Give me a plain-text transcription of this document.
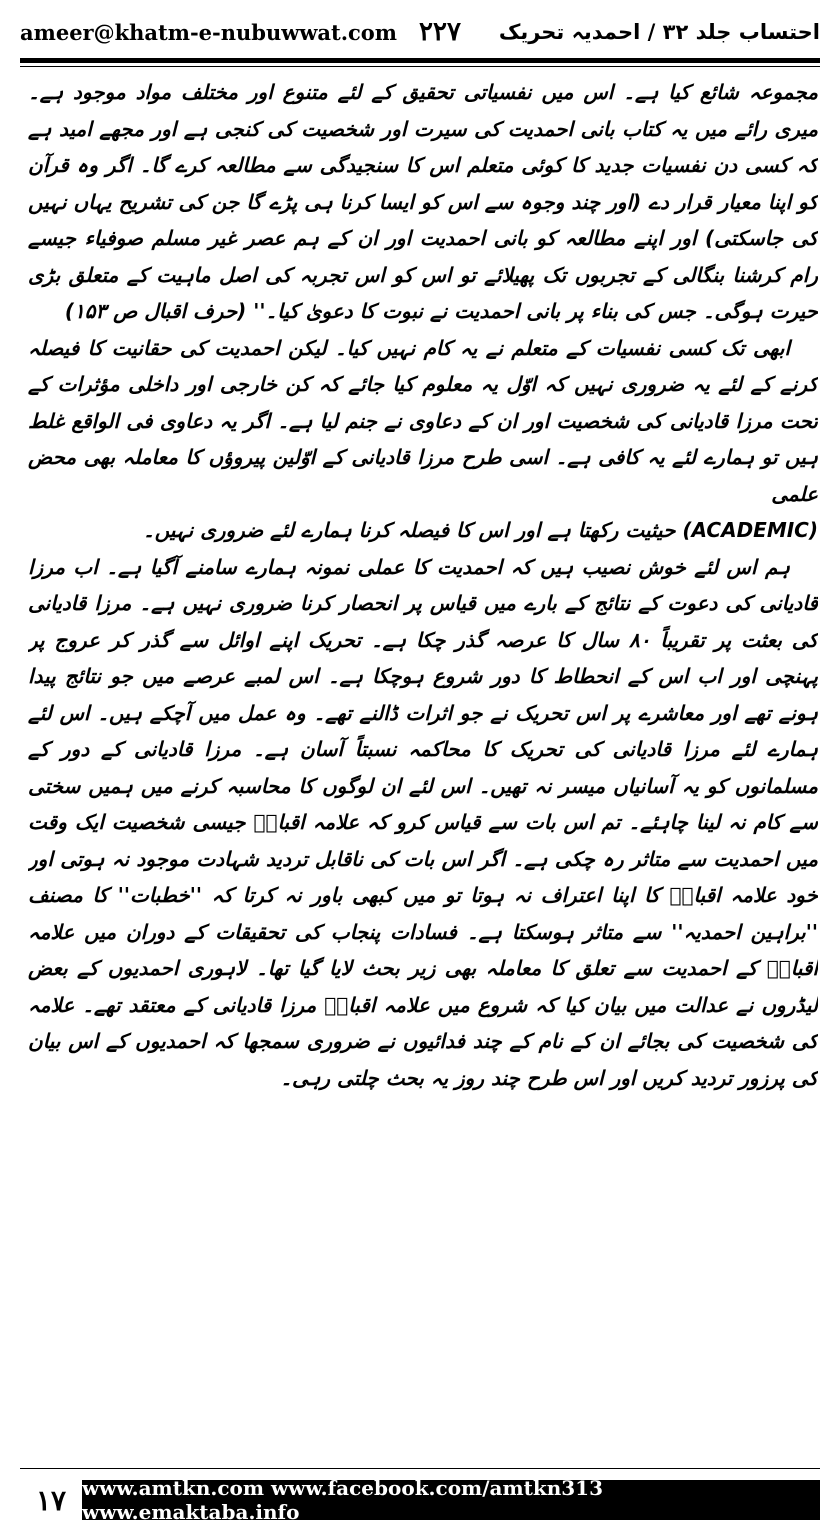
ameer@khatm-e-nubuwwat.com ۲۲۷ احتساب جلد ۳۲ / احمدیہ تحریک

مجموعہ شائع کیا ہے۔ اس میں نفسیاتی تحقیق کے لئے متنوع اور مختلف مواد موجود ہے۔ میری رائے میں یہ کتاب بانی احمدیت کی سیرت اور شخصیت کی کنجی ہے اور مجھے امید ہے کہ کسی دن نفسیات جدید کا کوئی متعلم اس کا سنجیدگی سے مطالعہ کرے گا۔ اگر وہ قرآن کو اپنا معیار قرار دے (اور چند وجوہ سے اس کو ایسا کرنا ہی پڑے گا جن کی تشریح یہاں نہیں کی جاسکتی) اور اپنے مطالعہ کو بانی احمدیت اور ان کے ہم عصر غیر مسلم صوفیاء جیسے رام کرشنا بنگالی کے تجربوں تک پھیلائے تو اس کو اس تجربہ کی اصل ماہیت کے متعلق بڑی حیرت ہوگی۔ جس کی بناء پر بانی احمدیت نے نبوت کا دعویٰ کیا۔'' (حرف اقبال ص ۱۵۳)

ابھی تک کسی نفسیات کے متعلم نے یہ کام نہیں کیا۔ لیکن احمدیت کی حقانیت کا فیصلہ کرنے کے لئے یہ ضروری نہیں کہ اوّل یہ معلوم کیا جائے کہ کن خارجی اور داخلی مؤثرات کے تحت مرزا قادیانی کی شخصیت اور ان کے دعاوی نے جنم لیا ہے۔ اگر یہ دعاوی فی الواقع غلط ہیں تو ہمارے لئے یہ کافی ہے۔ اسی طرح مرزا قادیانی کے اوّلین پیروؤں کا معاملہ بھی محض علمی

(ACADEMIC) حیثیت رکھتا ہے اور اس کا فیصلہ کرنا ہمارے لئے ضروری نہیں۔

ہم اس لئے خوش نصیب ہیں کہ احمدیت کا عملی نمونہ ہمارے سامنے آگیا ہے۔ اب مرزا قادیانی کی دعوت کے نتائج کے بارے میں قیاس پر انحصار کرنا ضروری نہیں ہے۔ مرزا قادیانی کی بعثت پر تقریباً ۸۰ سال کا عرصہ گذر چکا ہے۔ تحریک اپنے اوائل سے گذر کر عروج پر پہنچی اور اب اس کے انحطاط کا دور شروع ہوچکا ہے۔ اس لمبے عرصے میں جو نتائج پیدا ہونے تھے اور معاشرے پر اس تحریک نے جو اثرات ڈالنے تھے۔ وہ عمل میں آچکے ہیں۔ اس لئے ہمارے لئے مرزا قادیانی کی تحریک کا محاکمہ نسبتاً آسان ہے۔ مرزا قادیانی کے دور کے مسلمانوں کو یہ آسانیاں میسر نہ تھیں۔ اس لئے ان لوگوں کا محاسبہ کرنے میں ہمیں سختی سے کام نہ لینا چاہئے۔ تم اس بات سے قیاس کرو کہ علامہ اقبالؒ جیسی شخصیت ایک وقت میں احمدیت سے متاثر رہ چکی ہے۔ اگر اس بات کی ناقابل تردید شہادت موجود نہ ہوتی اور خود علامہ اقبالؒ کا اپنا اعتراف نہ ہوتا تو میں کبھی باور نہ کرتا کہ ''خطبات'' کا مصنف ''براہین احمدیہ'' سے متاثر ہوسکتا ہے۔ فسادات پنجاب کی تحقیقات کے دوران میں علامہ اقبالؒ کے احمدیت سے تعلق کا معاملہ بھی زیر بحث لایا گیا تھا۔ لاہوری احمدیوں کے بعض لیڈروں نے عدالت میں بیان کیا کہ شروع میں علامہ اقبالؒ مرزا قادیانی کے معتقد تھے۔ علامہ کی شخصیت کی بجائے ان کے نام کے چند فدائیوں نے ضروری سمجھا کہ احمدیوں کے اس بیان کی پرزور تردید کریں اور اس طرح چند روز یہ بحث چلتی رہی۔

۱۷ www.amtkn.com www.facebook.com/amtkn313 www.emaktaba.info
